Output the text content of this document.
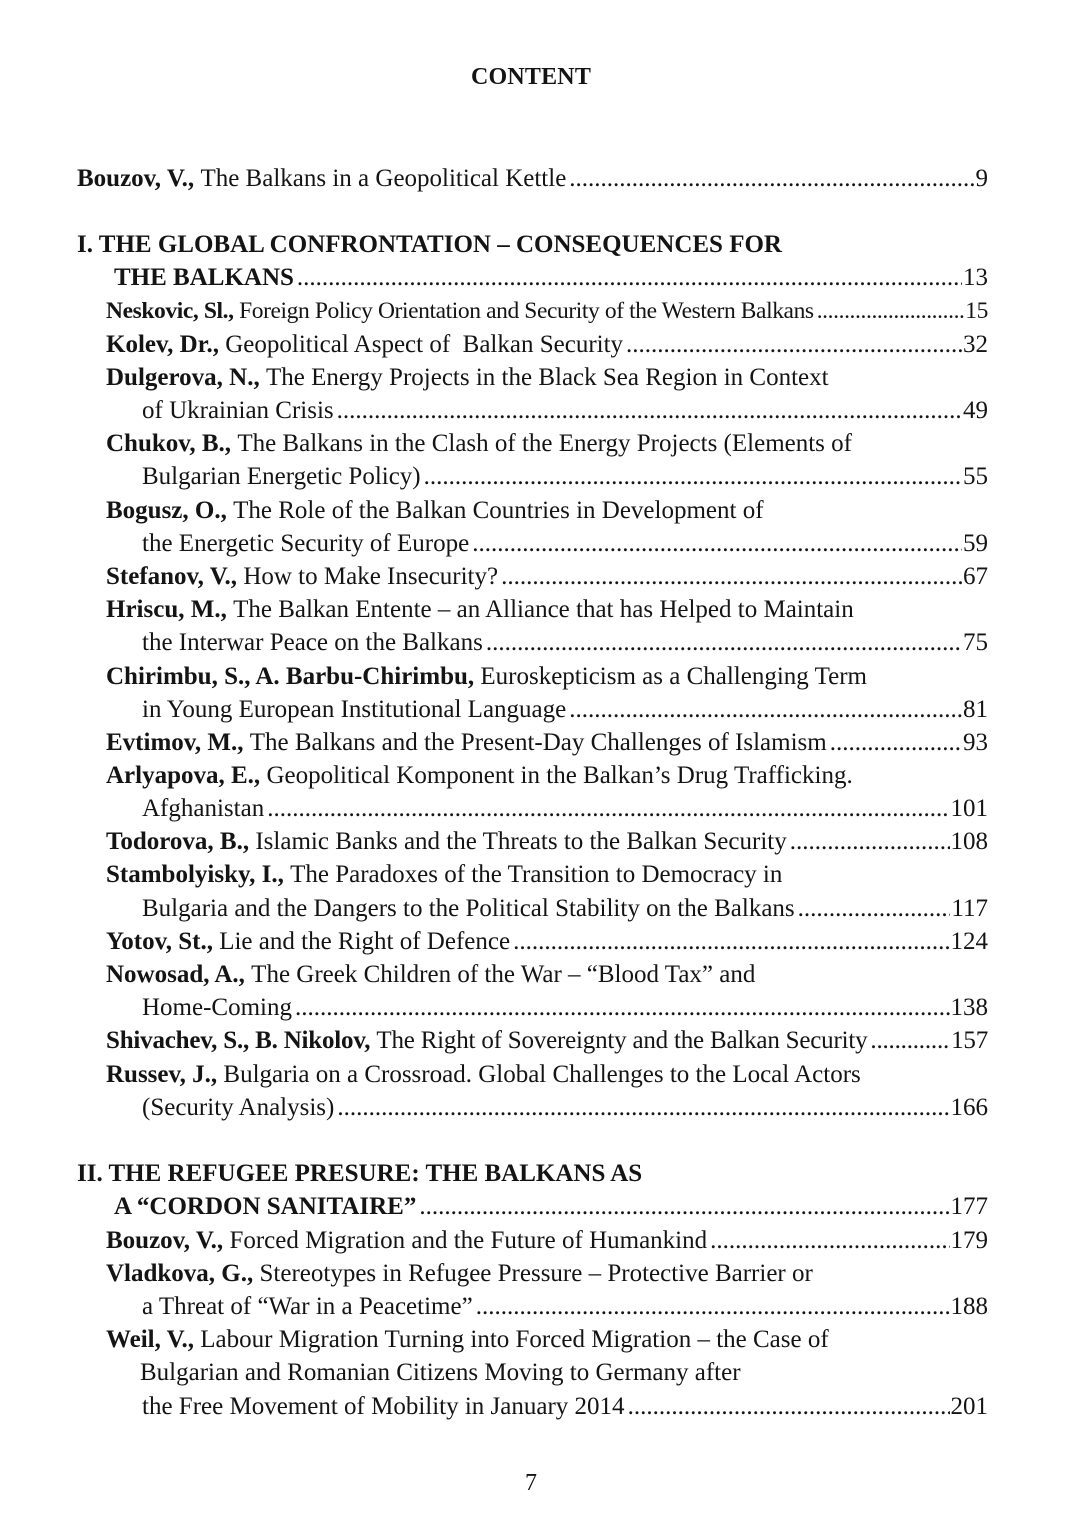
CONTENT
Bouzov, V.,
The Balkans in a Geopolitical Kettle .....	9
I. THE GLOBAL CONFRONTATION – CONSEQUENCES FOR
THE BALKANS .....	13
Neskovic, Sl.,
Foreign Policy Orientation and Security of the Western Balkans .....	15
Kolev, Dr.,
Geopolitical Aspect of  Balkan Security .....	32
Dulgerova, N.,
The Energy Projects in the Black Sea Region in Context
of Ukrainian Crisis .....	49
Chukov, B.,
The Balkans in the Clash of the Energy Projects (Elements of
Bulgarian Energetic Policy) .....	55
Bogusz, O.,
The Role of the Balkan Countries in Development of
the Energetic Security of Europe .....	59
Stefanov, V.,
How to Make Insecurity? .....	67
Hriscu, M.,
The Balkan Entente – an Alliance that has Helped to Maintain
the Interwar Peace on the Balkans .....	75
Chirimbu, S., A. Barbu-Chirimbu,
Euroskepticism as a Challenging Term
in Young European Institutional Language .....	81
Evtimov, M.,
The Balkans and the Present-Day Challenges of Islamism .....	93
Arlyapova, E.,
Geopolitical Komponent in the Balkan’s Drug Trafficking.
Afghanistan .....	101
Todorova, B.,
Islamic Banks and the Threats to the Balkan Security .....	108
Stambolyisky, I.,
The Paradoxes of the Transition to Democracy in
Bulgaria and the Dangers to the Political Stability on the Balkans .....	117
Yotov, St.,
Lie and the Right of Defence .....	124
Nowosad, A.,
The Greek Children of the War – “Blood Tax” and
Home-Coming .....	138
Shivachev, S., B. Nikolov,
The Right of Sovereignty and the Balkan Security .....	157
Russev, J.,
Bulgaria on a Crossroad. Global Challenges to the Local Actors
(Security Analysis) .....	166
II. THE REFUGEE PRESURE: THE BALKANS AS
A “CORDON SANITAIRE” .....	177
Bouzov, V.,
Forced Migration and the Future of Humankind .....	179
Vladkova, G.,
Stereotypes in Refugee Pressure – Protective Barrier or
a Threat of “War in a Peacetime” .....	188
Weil, V.,
Labour Migration Turning into Forced Migration – the Case of
Bulgarian and Romanian Citizens Moving to Germany after
the Free Movement of Mobility in January 2014 .....	201
7
